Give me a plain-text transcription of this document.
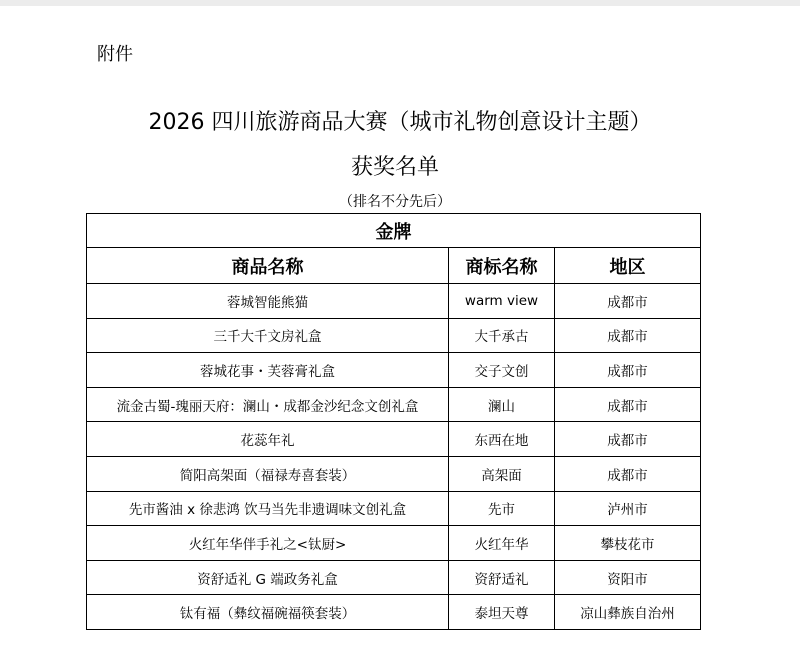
附件
2026 四川旅游商品大赛（城市礼物创意设计主题）
获奖名单
（排名不分先后）
金牌		
商品名称	商标名称	地区
蓉城智能熊猫	warm view	成都市
三千大千文房礼盒	大千承古	成都市
蓉城花事・芙蓉膏礼盒	交子文创	成都市
流金古蜀-瑰丽天府：澜山・成都金沙纪念文创礼盒	澜山	成都市
花蕊年礼	东西在地	成都市
简阳高架面（福禄寿喜套装）	高架面	成都市
先市酱油 x 徐悲鸿 饮马当先非遗调味文创礼盒	先市	泸州市
火红年华伴手礼之<钛厨>	火红年华	攀枝花市
资舒适礼 G 端政务礼盒	资舒适礼	资阳市
钛有福（彝纹福碗福筷套装）	泰坦天尊	凉山彝族自治州
